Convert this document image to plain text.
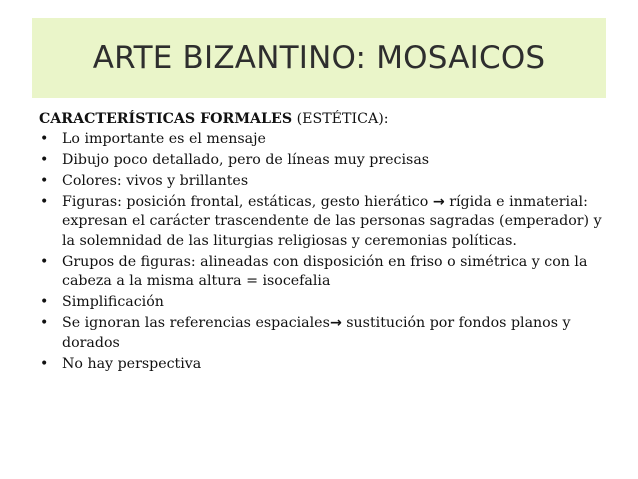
ARTE BIZANTINO: MOSAICOS

CARACTERÍSTICAS FORMALES (ESTÉTICA):

• Lo importante es el mensaje
• Dibujo poco detallado, pero de líneas muy precisas
• Colores: vivos y brillantes
• Figuras: posición frontal, estáticas, gesto hierático → rígida e inmaterial: expresan el carácter trascendente de las personas sagradas (emperador) y la solemnidad de las liturgias religiosas y ceremonias políticas.
• Grupos de figuras: alineadas con disposición en friso o simétrica y con la cabeza a la misma altura = isocefalia
• Simplificación
• Se ignoran las referencias espaciales→ sustitución por fondos planos y dorados
• No hay perspectiva
